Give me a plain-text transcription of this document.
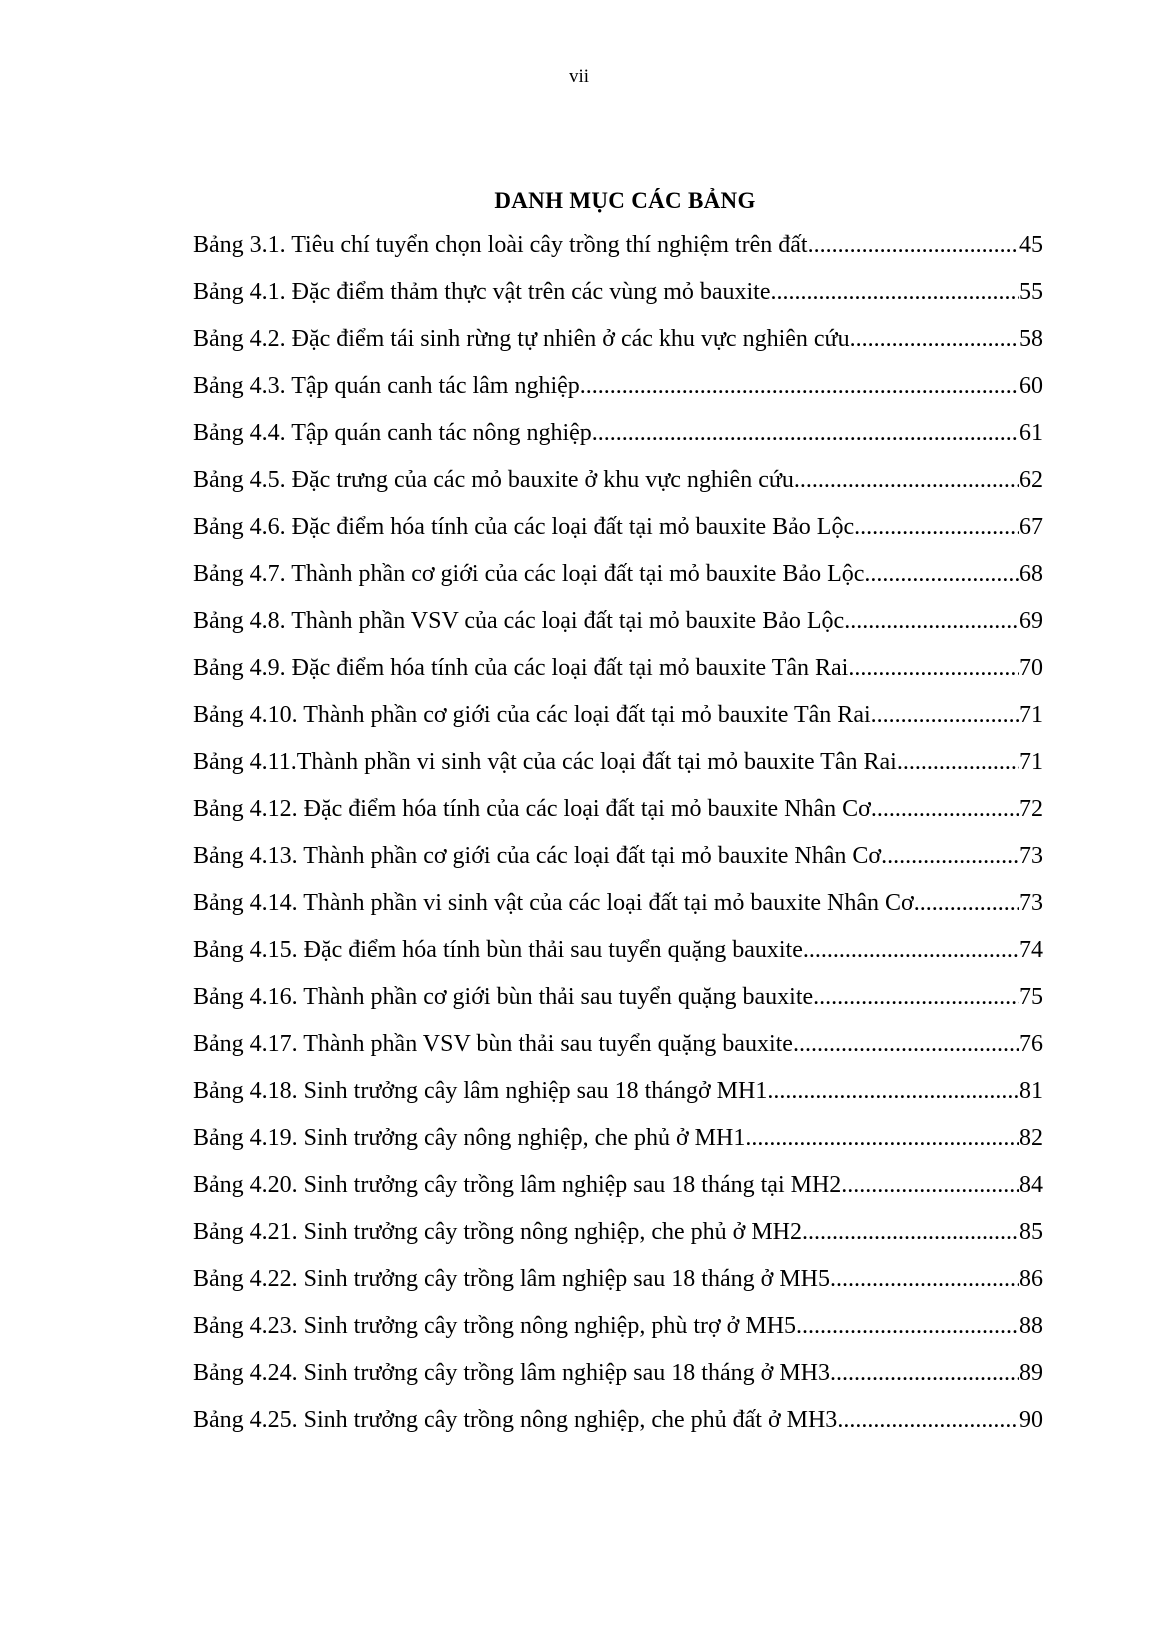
vii
DANH MỤC CÁC BẢNG
Bảng 3.1. Tiêu chí tuyển chọn loài cây trồng thí nghiệm trên đất .....	45
Bảng 4.1. Đặc điểm thảm thực vật trên các vùng mỏ bauxite .....	55
Bảng 4.2. Đặc điểm tái sinh rừng tự nhiên ở các khu vực nghiên cứu .....	58
Bảng 4.3. Tập quán canh tác lâm nghiệp .....	60
Bảng 4.4. Tập quán canh tác nông nghiệp .....	61
Bảng 4.5. Đặc trưng của các mỏ bauxite ở khu vực nghiên cứu .....	62
Bảng 4.6. Đặc điểm hóa tính của các loại đất tại mỏ bauxite Bảo Lộc .....	67
Bảng 4.7. Thành phần cơ giới của các loại đất tại mỏ bauxite Bảo Lộc .....	68
Bảng 4.8. Thành phần VSV của các loại đất tại mỏ bauxite Bảo Lộc .....	69
Bảng 4.9. Đặc điểm hóa tính của các loại đất tại mỏ bauxite Tân Rai .....	70
Bảng 4.10. Thành phần cơ giới của các loại đất tại mỏ bauxite Tân Rai .....	71
Bảng 4.11.Thành phần vi sinh vật của các loại đất tại mỏ bauxite Tân Rai .....	71
Bảng 4.12. Đặc điểm hóa tính của các loại đất tại mỏ bauxite Nhân Cơ .....	72
Bảng 4.13. Thành phần cơ giới của các loại đất tại mỏ bauxite Nhân Cơ .....	73
Bảng 4.14. Thành phần vi sinh vật của các loại đất tại mỏ bauxite Nhân Cơ .....	73
Bảng 4.15. Đặc điểm hóa tính bùn thải sau tuyển quặng bauxite .....	74
Bảng 4.16. Thành phần cơ giới bùn thải sau tuyển quặng bauxite .....	75
Bảng 4.17. Thành phần VSV bùn thải sau tuyển quặng bauxite .....	76
Bảng 4.18. Sinh trưởng cây lâm nghiệp sau 18 thángở MH1 .....	81
Bảng 4.19. Sinh trưởng cây nông nghiệp, che phủ ở MH1 .....	82
Bảng 4.20. Sinh trưởng cây trồng lâm nghiệp sau 18 tháng tại MH2 .....	84
Bảng 4.21. Sinh trưởng cây trồng nông nghiệp, che phủ ở MH2 .....	85
Bảng 4.22. Sinh trưởng cây trồng lâm nghiệp sau 18 tháng ở MH5 .....	86
Bảng 4.23. Sinh trưởng cây trồng nông nghiệp, phù trợ ở MH5 .....	88
Bảng 4.24. Sinh trưởng cây trồng lâm nghiệp sau 18 tháng ở MH3 .....	89
Bảng 4.25. Sinh trưởng cây trồng nông nghiệp, che phủ đất ở MH3 .....	90
